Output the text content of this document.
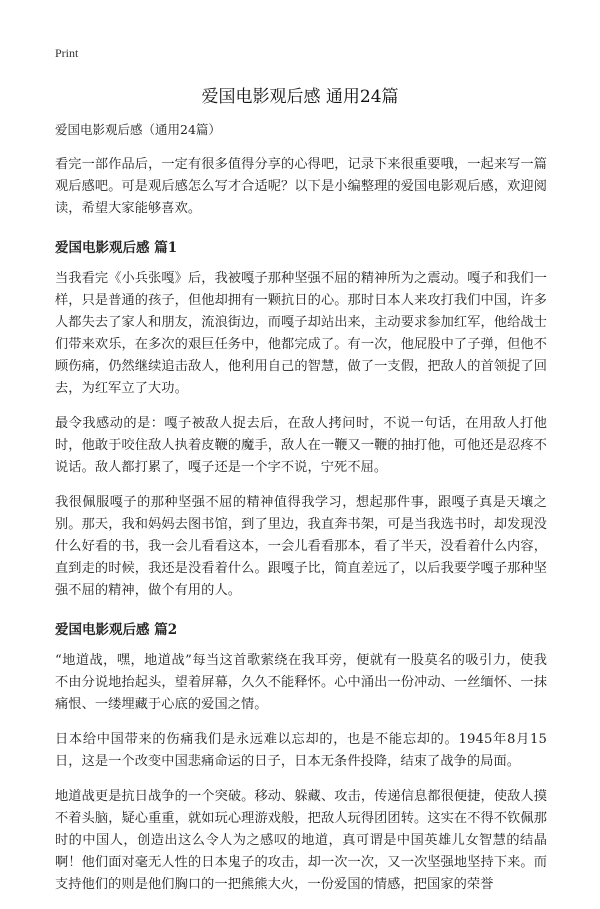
Print
爱国电影观后感 通用24篇
爱国电影观后感（通用24篇）

看完一部作品后，一定有很多值得分享的心得吧，记录下来很重要哦，一起来写一篇观后感吧。可是观后感怎么写才合适呢？以下是小编整理的爱国电影观后感，欢迎阅读，希望大家能够喜欢。

爱国电影观后感 篇1

当我看完《小兵张嘎》后，我被嘎子那种坚强不屈的精神所为之震动。嘎子和我们一样，只是普通的孩子，但他却拥有一颗抗日的心。那时日本人来攻打我们中国，许多人都失去了家人和朋友，流浪街边，而嘎子却站出来，主动要求参加红军，他给战士们带来欢乐，在多次的艰巨任务中，他都完成了。有一次，他屁股中了子弹，但他不顾伤痛，仍然继续追击敌人，他利用自己的智慧，做了一支假，把敌人的首领捉了回去，为红军立了大功。

最令我感动的是：嘎子被敌人捉去后，在敌人拷问时，不说一句话，在用敌人打他时，他敢于咬住敌人执着皮鞭的魔手，敌人在一鞭又一鞭的抽打他，可他还是忍疼不说话。敌人都打累了，嘎子还是一个字不说，宁死不屈。

我很佩服嘎子的那种坚强不屈的精神值得我学习，想起那件事，跟嘎子真是天壤之别。那天，我和妈妈去图书馆，到了里边，我直奔书架，可是当我选书时，却发现没什么好看的书，我一会儿看看这本，一会儿看看那本，看了半天，没看着什么内容，直到走的时候，我还是没看着什么。跟嘎子比，简直差远了，以后我要学嘎子那种坚强不屈的精神，做个有用的人。

爱国电影观后感 篇2

“地道战，嘿，地道战”每当这首歌萦绕在我耳旁，便就有一股莫名的吸引力，使我不由分说地抬起头，望着屏幕，久久不能释怀。心中涌出一份冲动、一丝缅怀、一抹痛恨、一缕埋藏于心底的爱国之情。

日本给中国带来的伤痛我们是永远难以忘却的，也是不能忘却的。1945年8月15日，这是一个改变中国悲痛命运的日子，日本无条件投降，结束了战争的局面。

地道战更是抗日战争的一个突破。移动、躲藏、攻击，传递信息都很便捷，使敌人摸不着头脑，疑心重重，就如玩心理游戏般，把敌人玩得团团转。这实在不得不钦佩那时的中国人，创造出这么令人为之感叹的地道，真可谓是中国英雄儿女智慧的结晶啊！他们面对毫无人性的日本鬼子的攻击，却一次一次，又一次坚强地坚持下来。而支持他们的则是他们胸口的一把熊熊大火，一份爱国的情感，把国家的荣誉
